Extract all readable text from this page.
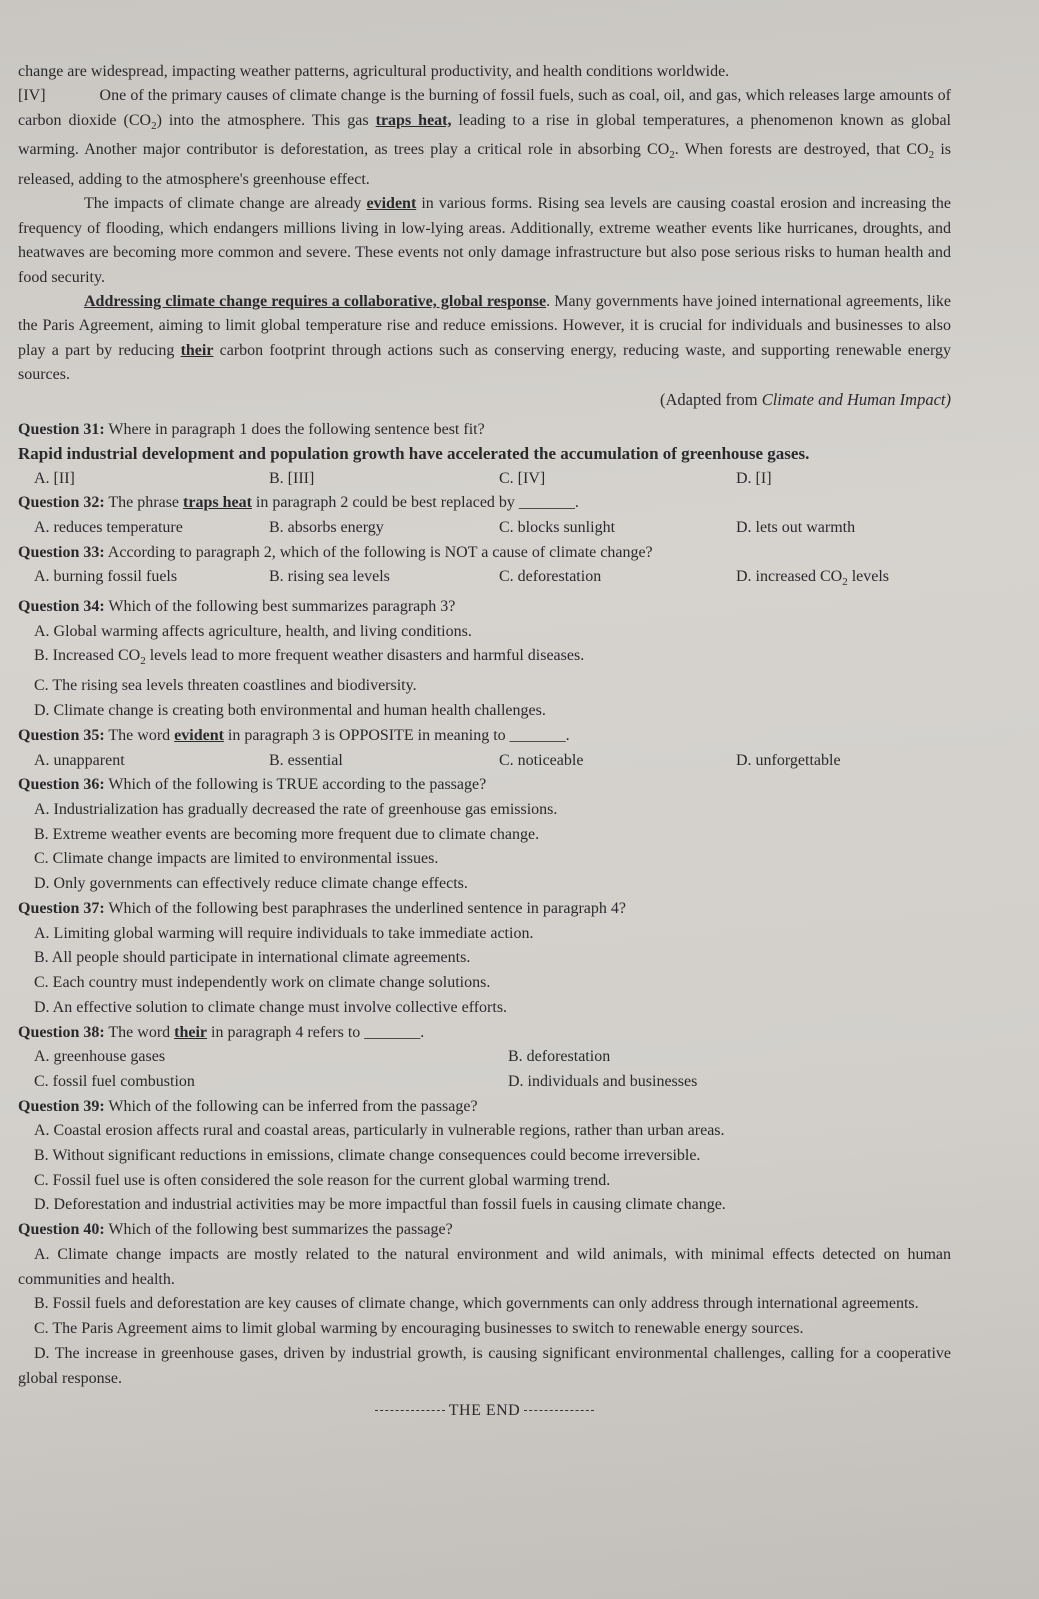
change are widespread, impacting weather patterns, agricultural productivity, and health conditions worldwide.

[IV]	One of the primary causes of climate change is the burning of fossil fuels, such as coal, oil, and gas, which releases large amounts of carbon dioxide $(CO_2)$ into the atmosphere. This gas traps heat, leading to a rise in global temperatures, a phenomenon known as global warming. Another major contributor is deforestation, as trees play a critical role in absorbing $CO_2$. When forests are destroyed, that $CO_2$ is released, adding to the atmosphere's greenhouse effect.

The impacts of climate change are already evident in various forms. Rising sea levels are causing coastal erosion and increasing the frequency of flooding, which endangers millions living in low-lying areas. Additionally, extreme weather events like hurricanes, droughts, and heatwaves are becoming more common and severe. These events not only damage infrastructure but also pose serious risks to human health and food security.

Addressing climate change requires a collaborative, global response. Many governments have joined international agreements, like the Paris Agreement, aiming to limit global temperature rise and reduce emissions. However, it is crucial for individuals and businesses to also play a part by reducing their carbon footprint through actions such as conserving energy, reducing waste, and supporting renewable energy sources.

(Adapted from Climate and Human Impact)

Question 31: Where in paragraph 1 does the following sentence best fit?

Rapid industrial development and population growth have accelerated the accumulation of greenhouse gases.

A. [II]	B. [III]	C. [IV]	D. [I]

Question 32: The phrase traps heat in paragraph 2 could be best replaced by _______.

A. reduces temperature	B. absorbs energy	C. blocks sunlight	D. lets out warmth

Question 33: According to paragraph 2, which of the following is NOT a cause of climate change?

A. burning fossil fuels	B. rising sea levels	C. deforestation	D. increased $CO_2$ levels

Question 34: Which of the following best summarizes paragraph 3?

A. Global warming affects agriculture, health, and living conditions.
B. Increased $CO_2$ levels lead to more frequent weather disasters and harmful diseases.
C. The rising sea levels threaten coastlines and biodiversity.
D. Climate change is creating both environmental and human health challenges.

Question 35: The word evident in paragraph 3 is OPPOSITE in meaning to _______.

A. unapparent	B. essential	C. noticeable	D. unforgettable

Question 36: Which of the following is TRUE according to the passage?

A. Industrialization has gradually decreased the rate of greenhouse gas emissions.
B. Extreme weather events are becoming more frequent due to climate change.
C. Climate change impacts are limited to environmental issues.
D. Only governments can effectively reduce climate change effects.

Question 37: Which of the following best paraphrases the underlined sentence in paragraph 4?

A. Limiting global warming will require individuals to take immediate action.
B. All people should participate in international climate agreements.
C. Each country must independently work on climate change solutions.
D. An effective solution to climate change must involve collective efforts.

Question 38: The word their in paragraph 4 refers to _______.

A. greenhouse gases	B. deforestation
C. fossil fuel combustion	D. individuals and businesses

Question 39: Which of the following can be inferred from the passage?

A. Coastal erosion affects rural and coastal areas, particularly in vulnerable regions, rather than urban areas.
B. Without significant reductions in emissions, climate change consequences could become irreversible.
C. Fossil fuel use is often considered the sole reason for the current global warming trend.
D. Deforestation and industrial activities may be more impactful than fossil fuels in causing climate change.

Question 40: Which of the following best summarizes the passage?

A. Climate change impacts are mostly related to the natural environment and wild animals, with minimal effects detected on human communities and health.
B. Fossil fuels and deforestation are key causes of climate change, which governments can only address through international agreements.
C. The Paris Agreement aims to limit global warming by encouraging businesses to switch to renewable energy sources.
D. The increase in greenhouse gases, driven by industrial growth, is causing significant environmental challenges, calling for a cooperative global response.
THE END
